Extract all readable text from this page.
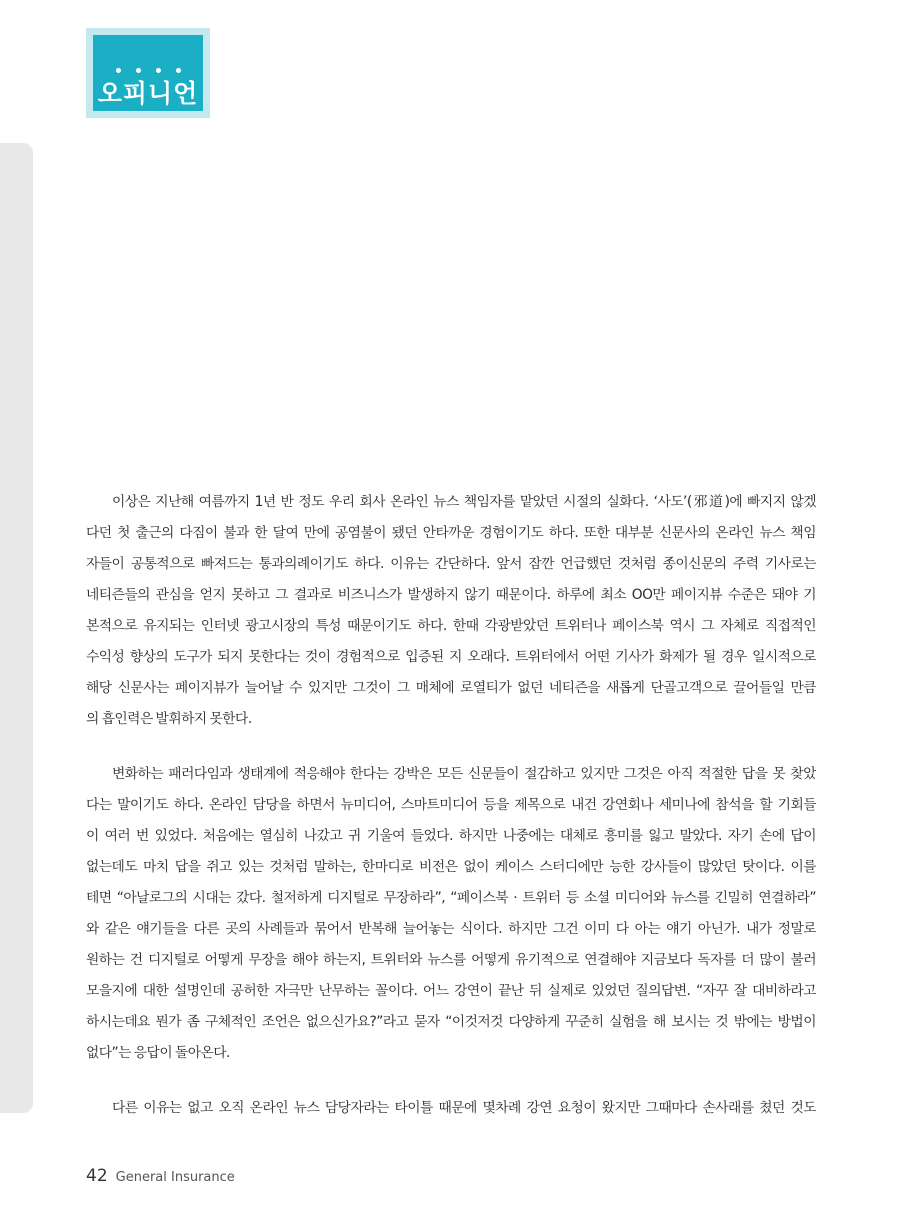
오피니언
이상은 지난해 여름까지 1년 반 정도 우리 회사 온라인 뉴스 책임자를 맡았던 시절의 실화다. ‘사도’(邪道)에 빠지지 않겠
다던 첫 출근의 다짐이 불과 한 달여 만에 공염불이 됐던 안타까운 경험이기도 하다. 또한 대부분 신문사의 온라인 뉴스 책임
자들이 공통적으로 빠져드는 통과의례이기도 하다. 이유는 간단하다. 앞서 잠깐 언급했던 것처럼 종이신문의 주력 기사로는
네티즌들의 관심을 얻지 못하고 그 결과로 비즈니스가 발생하지 않기 때문이다. 하루에 최소 OO만 페이지뷰 수준은 돼야 기
본적으로 유지되는 인터넷 광고시장의 특성 때문이기도 하다. 한때 각광받았던 트위터나 페이스북 역시 그 자체로 직접적인
수익성 향상의 도구가 되지 못한다는 것이 경험적으로 입증된 지 오래다. 트위터에서 어떤 기사가 화제가 될 경우 일시적으로
해당 신문사는 페이지뷰가 늘어날 수 있지만 그것이 그 매체에 로열티가 없던 네티즌을 새롭게 단골고객으로 끌어들일 만큼
의 흡인력은 발휘하지 못한다.
변화하는 패러다임과 생태계에 적응해야 한다는 강박은 모든 신문들이 절감하고 있지만 그것은 아직 적절한 답을 못 찾았
다는 말이기도 하다. 온라인 담당을 하면서 뉴미디어, 스마트미디어 등을 제목으로 내건 강연회나 세미나에 참석을 할 기회들
이 여러 번 있었다. 처음에는 열심히 나갔고 귀 기울여 들었다. 하지만 나중에는 대체로 흥미를 잃고 말았다. 자기 손에 답이
없는데도 마치 답을 쥐고 있는 것처럼 말하는, 한마디로 비전은 없이 케이스 스터디에만 능한 강사들이 많았던 탓이다. 이를
테면 “아날로그의 시대는 갔다. 철저하게 디지털로 무장하라”, “페이스북 · 트위터 등 소셜 미디어와 뉴스를 긴밀히 연결하라”
와 같은 얘기들을 다른 곳의 사례들과 묶어서 반복해 늘어놓는 식이다. 하지만 그건 이미 다 아는 얘기 아닌가. 내가 정말로
원하는 건 디지털로 어떻게 무장을 해야 하는지, 트위터와 뉴스를 어떻게 유기적으로 연결해야 지금보다 독자를 더 많이 불러
모을지에 대한 설명인데 공허한 자극만 난무하는 꼴이다. 어느 강연이 끝난 뒤 실제로 있었던 질의답변. “자꾸 잘 대비하라고
하시는데요 뭔가 좀 구체적인 조언은 없으신가요?”라고 묻자 “이것저것 다양하게 꾸준히 실험을 해 보시는 것 밖에는 방법이
없다”는 응답이 돌아온다.
다른 이유는 없고 오직 온라인 뉴스 담당자라는 타이틀 때문에 몇차례 강연 요청이 왔지만 그때마다 손사래를 쳤던 것도
42 General Insurance
